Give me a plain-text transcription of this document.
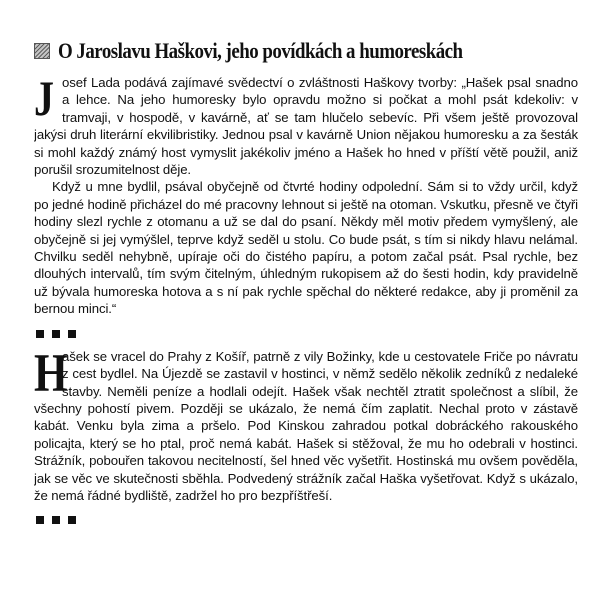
O Jaroslavu Haškovi, jeho povídkách a humoreskách
J osef Lada podává zajímavé svědectví o zvláštnosti Haškovy tvorby: „Hašek psal snadno a lehce. Na jeho humoresky bylo opravdu možno si počkat a mohl psát kdekoliv: v tramvaji, v hospodě, v kavárně, ať se tam hlučelo sebevíc. Při všem ještě provozoval jakýsi druh literární ekvilibristiky. Jednou psal v kavárně Union nějakou humoresku a za šesták si mohl každý známý host vymyslit jakékoliv jméno a Hašek ho hned v příští větě použil, aniž porušil srozumitelnost děje.

Když u mne bydlil, psával obyčejně od čtvrté hodiny odpolední. Sám si to vždy určil, když po jedné hodině přicházel do mé pracovny lehnout si ještě na otoman. Vskutku, přesně ve čtyři hodiny slezl rychle z otomanu a už se dal do psaní. Někdy měl motiv předem vymyšlený, ale obyčejně si jej vymýšlel, teprve když seděl u stolu. Co bude psát, s tím si nikdy hlavu nelámal. Chvilku seděl nehybně, upíraje oči do čistého papíru, a potom začal psát. Psal rychle, bez dlouhých intervalů, tím svým čitelným, úhledným rukopisem až do šesti hodin, kdy pravidelně už bývala humoreska hotova a s ní pak rychle spěchal do některé redakce, aby ji proměnil za bernou minci.“

H

ašek se vracel do Prahy z Košíř, patrně z vily Božinky, kde u cestovatele Friče po návratu z cest bydlel. Na Újezdě se zastavil v hostinci, v němž sedělo několik zedníků z nedaleké stavby. Neměli peníze a hodlali odejít. Hašek však nechtěl ztratit společnost a slíbil, že všechny pohostí pivem. Později se ukázalo, že nemá čím zaplatit. Nechal proto v zástavě kabát. Venku byla zima a pršelo. Pod Kinskou zahradou potkal dobráckého rakouského policajta, který se ho ptal, proč nemá kabát. Hašek si stěžoval, že mu ho odebrali v hostinci. Strážník, pobouřen takovou necitelností, šel hned věc vyšetřit. Hostinská mu ovšem pověděla, jak se věc ve skutečnosti sběhla. Podvedený strážník začal Haška vyšetřovat. Když s ukázalo, že nemá řádné bydliště, zadržel ho pro bezpříštřeší.
